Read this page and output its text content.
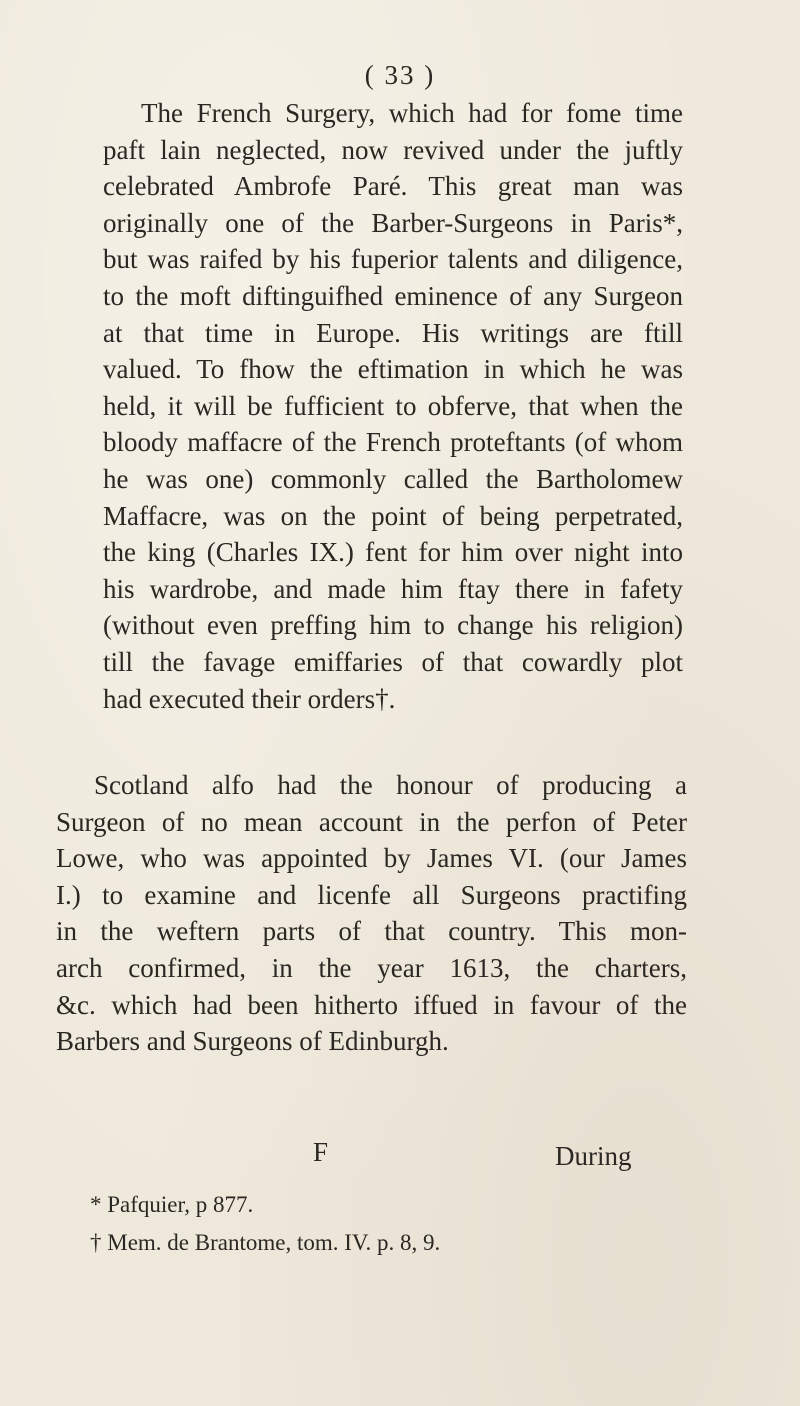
( 33 )

The French Surgery, which had for fome time
paft lain neglected, now revived under the juftly
celebrated Ambrofe Paré. This great man was
originally one of the Barber-Surgeons in Paris*,
but was raifed by his fuperior talents and diligence,
to the moft diftinguifhed eminence of any Surgeon
at that time in Europe. His writings are ftill
valued. To fhow the eftimation in which he was
held, it will be fufficient to obferve, that when the
bloody maffacre of the French proteftants (of whom
he was one) commonly called the Bartholomew
Maffacre, was on the point of being perpetrated,
the king (Charles IX.) fent for him over night into
his wardrobe, and made him ftay there in fafety
(without even preffing him to change his religion)
till the favage emiffaries of that cowardly plot
had executed their orders†.

Scotland alfo had the honour of producing a
Surgeon of no mean account in the perfon of Peter
Lowe, who was appointed by James VI. (our James
I.) to examine and licenfe all Surgeons practifing
in the weftern parts of that country. This mon-
arch confirmed, in the year 1613, the charters,
&c. which had been hitherto iffued in favour of the
Barbers and Surgeons of Edinburgh.

F	During
* Pafquier, p 877.
† Mem. de Brantome, tom. IV. p. 8, 9.
